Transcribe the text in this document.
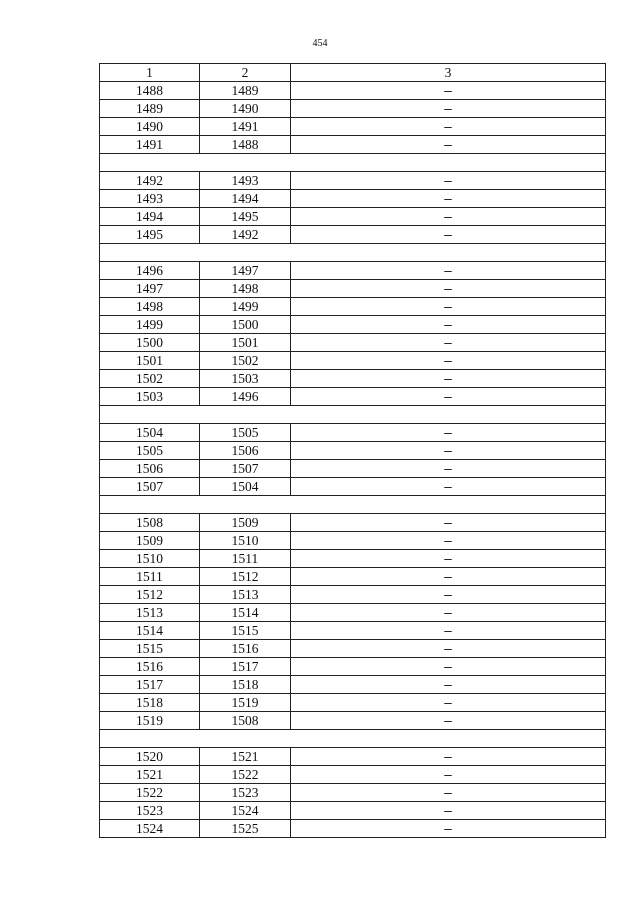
454
1	2	3
1488	1489	–
1489	1490	–
1490	1491	–
1491	1488	–

1492	1493	–
1493	1494	–
1494	1495	–
1495	1492	–

1496	1497	–
1497	1498	–
1498	1499	–
1499	1500	–
1500	1501	–
1501	1502	–
1502	1503	–
1503	1496	–

1504	1505	–
1505	1506	–
1506	1507	–
1507	1504	–

1508	1509	–
1509	1510	–
1510	1511	–
1511	1512	–
1512	1513	–
1513	1514	–
1514	1515	–
1515	1516	–
1516	1517	–
1517	1518	–
1518	1519	–
1519	1508	–

1520	1521	–
1521	1522	–
1522	1523	–
1523	1524	–
1524	1525	–
